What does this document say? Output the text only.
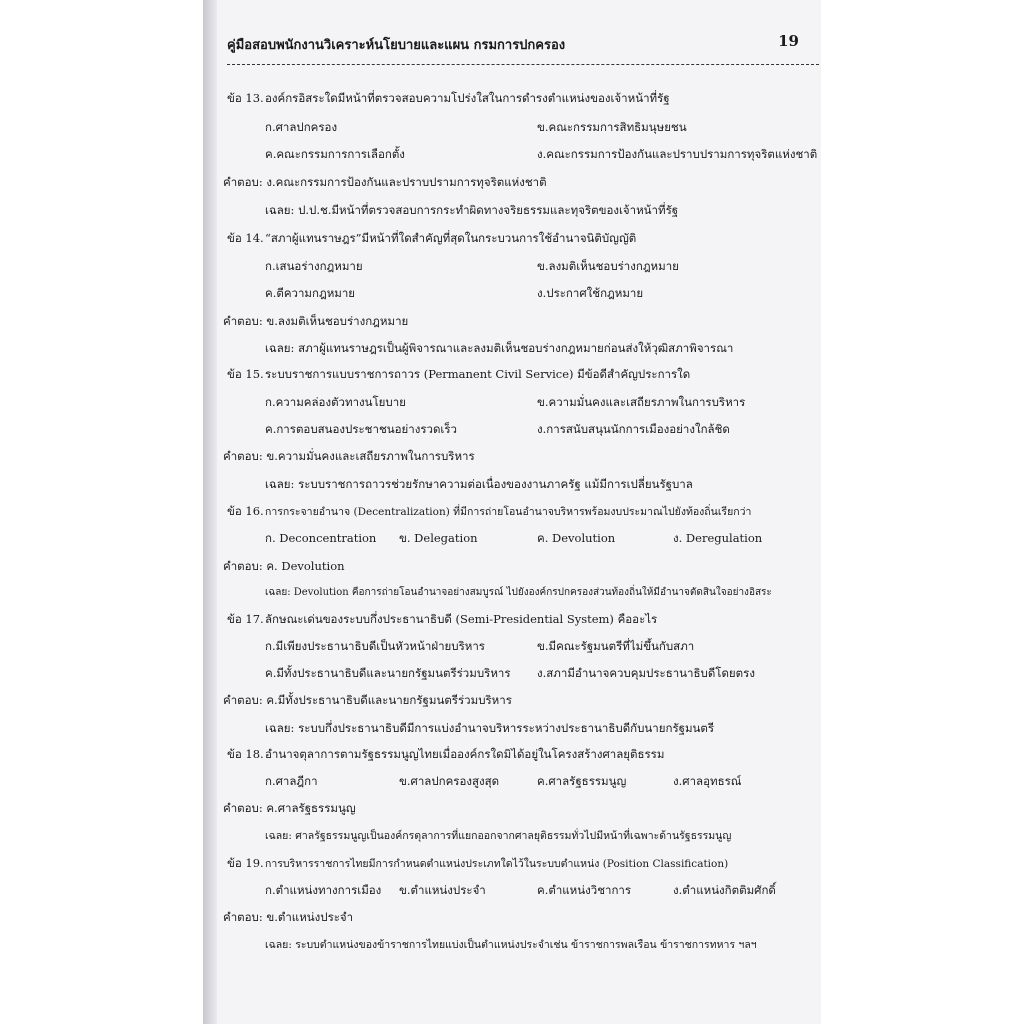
คู่มือสอบพนักงานวิเคราะห์นโยบายและแผน กรมการปกครอง	19
ข้อ 13.องค์กรอิสระใดมีหน้าที่ตรวจสอบความโปร่งใสในการดำรงตำแหน่งของเจ้าหน้าที่รัฐ
ก.ศาลปกครอง	ข.คณะกรรมการสิทธิมนุษยชน
ค.คณะกรรมการการเลือกตั้ง	ง.คณะกรรมการป้องกันและปราบปรามการทุจริตแห่งชาติ
คำตอบ: ง.คณะกรรมการป้องกันและปราบปรามการทุจริตแห่งชาติ
เฉลย: ป.ป.ช.มีหน้าที่ตรวจสอบการกระทำผิดทางจริยธรรมและทุจริตของเจ้าหน้าที่รัฐ
ข้อ 14.“สภาผู้แทนราษฎร”มีหน้าที่ใดสำคัญที่สุดในกระบวนการใช้อำนาจนิติบัญญัติ
ก.เสนอร่างกฎหมาย	ข.ลงมติเห็นชอบร่างกฎหมาย
ค.ตีความกฎหมาย	ง.ประกาศใช้กฎหมาย
คำตอบ: ข.ลงมติเห็นชอบร่างกฎหมาย
เฉลย: สภาผู้แทนราษฎรเป็นผู้พิจารณาและลงมติเห็นชอบร่างกฎหมายก่อนส่งให้วุฒิสภาพิจารณา
ข้อ 15.ระบบราชการแบบราชการถาวร (Permanent Civil Service) มีข้อดีสำคัญประการใด
ก.ความคล่องตัวทางนโยบาย	ข.ความมั่นคงและเสถียรภาพในการบริหาร
ค.การตอบสนองประชาชนอย่างรวดเร็ว	ง.การสนับสนุนนักการเมืองอย่างใกล้ชิด
คำตอบ: ข.ความมั่นคงและเสถียรภาพในการบริหาร
เฉลย: ระบบราชการถาวรช่วยรักษาความต่อเนื่องของงานภาครัฐ แม้มีการเปลี่ยนรัฐบาล
ข้อ 16.การกระจายอำนาจ (Decentralization) ที่มีการถ่ายโอนอำนาจบริหารพร้อมงบประมาณไปยังท้องถิ่นเรียกว่า
ก. Deconcentration ข. Delegation	ค. Devolution	ง. Deregulation
คำตอบ: ค. Devolution
เฉลย: Devolution คือการถ่ายโอนอำนาจอย่างสมบูรณ์ ไปยังองค์กรปกครองส่วนท้องถิ่นให้มีอำนาจตัดสินใจอย่างอิสระ
ข้อ 17.ลักษณะเด่นของระบบกึ่งประธานาธิบดี (Semi-Presidential System) คืออะไร
ก.มีเพียงประธานาธิบดีเป็นหัวหน้าฝ่ายบริหาร	ข.มีคณะรัฐมนตรีที่ไม่ขึ้นกับสภา
ค.มีทั้งประธานาธิบดีและนายกรัฐมนตรีร่วมบริหาร ง.สภามีอำนาจควบคุมประธานาธิบดีโดยตรง
คำตอบ: ค.มีทั้งประธานาธิบดีและนายกรัฐมนตรีร่วมบริหาร
เฉลย: ระบบกึ่งประธานาธิบดีมีการแบ่งอำนาจบริหารระหว่างประธานาธิบดีกับนายกรัฐมนตรี
ข้อ 18.อำนาจตุลาการตามรัฐธรรมนูญไทยเมื่อองค์กรใดมิได้อยู่ในโครงสร้างศาลยุติธรรม
ก.ศาลฎีกา	ข.ศาลปกครองสูงสุด	ค.ศาลรัฐธรรมนูญ	ง.ศาลอุทธรณ์
คำตอบ: ค.ศาลรัฐธรรมนูญ
เฉลย: ศาลรัฐธรรมนูญเป็นองค์กรตุลาการที่แยกออกจากศาลยุติธรรมทั่วไปมีหน้าที่เฉพาะด้านรัฐธรรมนูญ
ข้อ 19.การบริหารราชการไทยมีการกำหนดตำแหน่งประเภทใดไว้ในระบบตำแหน่ง (Position Classification)
ก.ตำแหน่งทางการเมือง ข.ตำแหน่งประจำ	ค.ตำแหน่งวิชาการ	ง.ตำแหน่งกิตติมศักดิ์
คำตอบ: ข.ตำแหน่งประจำ
เฉลย: ระบบตำแหน่งของข้าราชการไทยแบ่งเป็นตำแหน่งประจำเช่น ข้าราชการพลเรือน ข้าราชการทหาร ฯลฯ
